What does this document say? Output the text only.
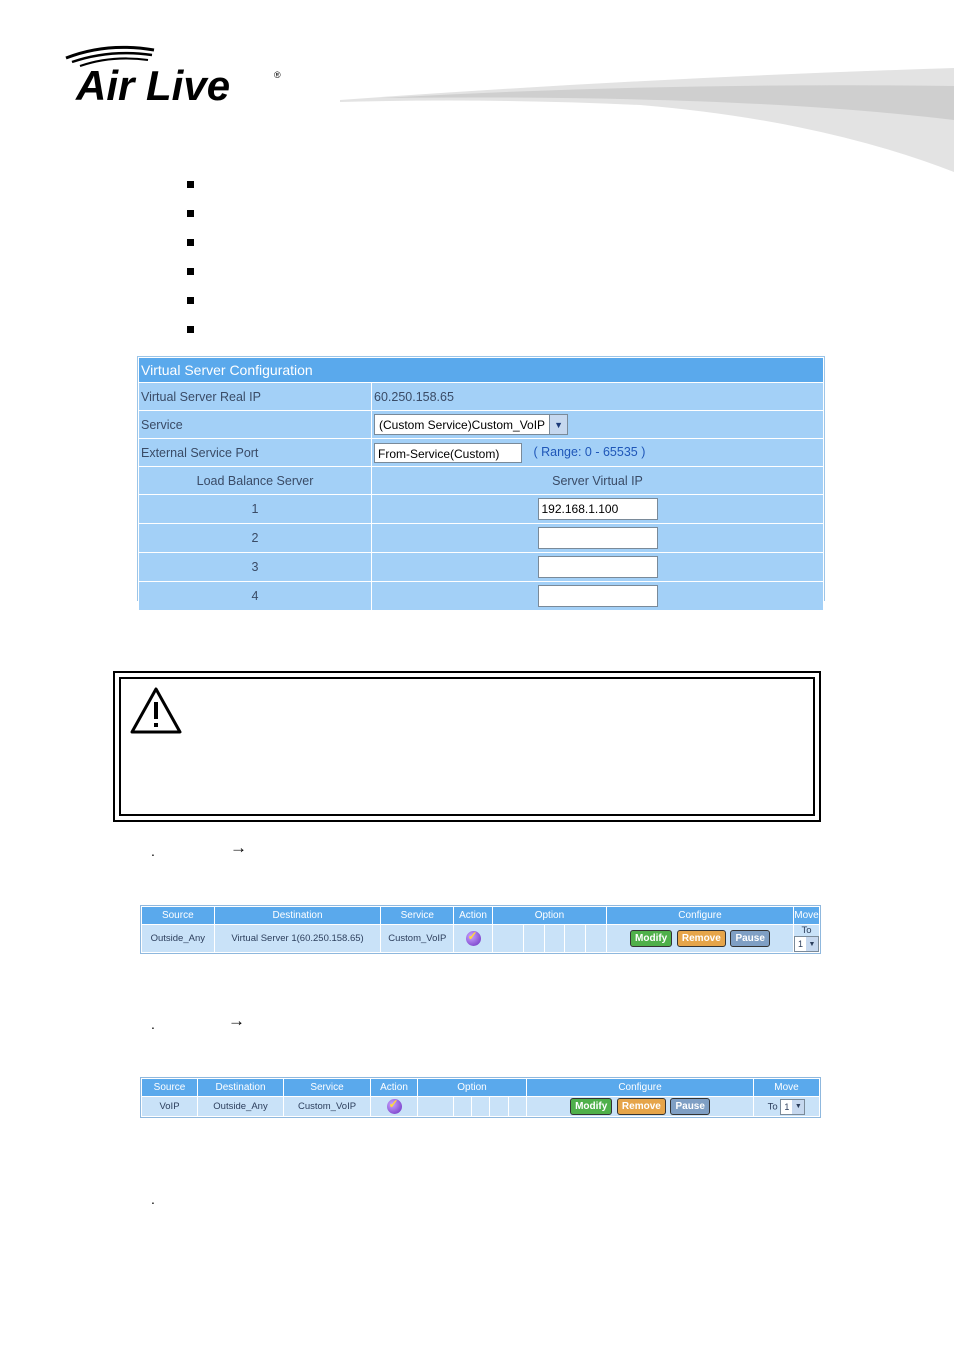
Air Live	®
Virtual Server Configuration	
Virtual Server Real IP	60.250.158.65
Service	(Custom Service)Custom_VoIP ▼

External Service Port	From-Service(Custom) ( Range: 0 - 65535 )
Load Balance Server	Server Virtual IP
1	192.168.1.100
2	
3	
4	
.	→
Source	Destination	Service	Action	Option					Configure	Move
Outside_Any	Virtual Server 1(60.250.158.65)	Custom_VoIP	✓						Modify Remove Pause	To
1 ▼
.	→
Source	Destination	Service	Action	Option					Configure	Move
VoIP	Outside_Any	Custom_VoIP	✓						Modify Remove Pause	To 1 ▼
.
